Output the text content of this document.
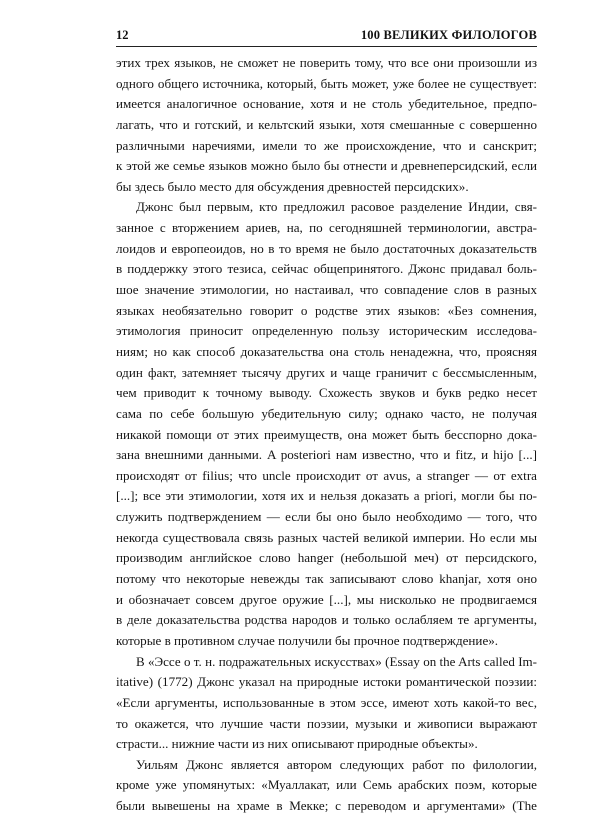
12	100 ВЕЛИКИХ ФИЛОЛОГОВ
этих трех языков, не сможет не поверить тому, что все они произошли из
одного общего источника, который, быть может, уже более не существует:
имеется аналогичное основание, хотя и не столь убедительное, предпо-
лагать, что и готский, и кельтский языки, хотя смешанные с совершенно
различными наречиями, имели то же происхождение, что и санскрит;
к этой же семье языков можно было бы отнести и древнеперсидский, если
бы здесь было место для обсуждения древностей персидских».
Джонс был первым, кто предложил расовое разделение Индии, свя-
занное с вторжением ариев, на, по сегодняшней терминологии, австра-
лоидов и европеоидов, но в то время не было достаточных доказательств
в поддержку этого тезиса, сейчас общепринятого. Джонс придавал боль-
шое значение этимологии, но настаивал, что совпадение слов в разных
языках необязательно говорит о родстве этих языков: «Без сомнения,
этимология приносит определенную пользу историческим исследова-
ниям; но как способ доказательства она столь ненадежна, что, проясняя
один факт, затемняет тысячу других и чаще граничит с бессмысленным,
чем приводит к точному выводу. Схожесть звуков и букв редко несет
сама по себе большую убедительную силу; однако часто, не получая
никакой помощи от этих преимуществ, она может быть бесспорно дока-
зана внешними данными. A posteriori нам известно, что и fitz, и hijo [...]
происходят от filius; что uncle происходит от avus, a stranger — от extra
[...]; все эти этимологии, хотя их и нельзя доказать a priori, могли бы по-
служить подтверждением — если бы оно было необходимо — того, что
некогда существовала связь разных частей великой империи. Но если мы
производим английское слово hanger (небольшой меч) от персидского,
потому что некоторые невежды так записывают слово khanjar, хотя оно
и обозначает совсем другое оружие [...], мы нисколько не продвигаемся
в деле доказательства родства народов и только ослабляем те аргументы,
которые в противном случае получили бы прочное подтверждение».
В «Эссе о т. н. подражательных искусствах» (Essay on the Arts called Im-
itative) (1772) Джонс указал на природные истоки романтической поэзии:
«Если аргументы, использованные в этом эссе, имеют хоть какой-то вес,
то окажется, что лучшие части поэзии, музыки и живописи выражают
страсти... нижние части из них описывают природные объекты».
Уильям Джонс является автором следующих работ по филологии,
кроме уже упомянутых: «Муаллакат, или Семь арабских поэм, которые
были вывешены на храме в Мекке; с переводом и аргументами» (The
